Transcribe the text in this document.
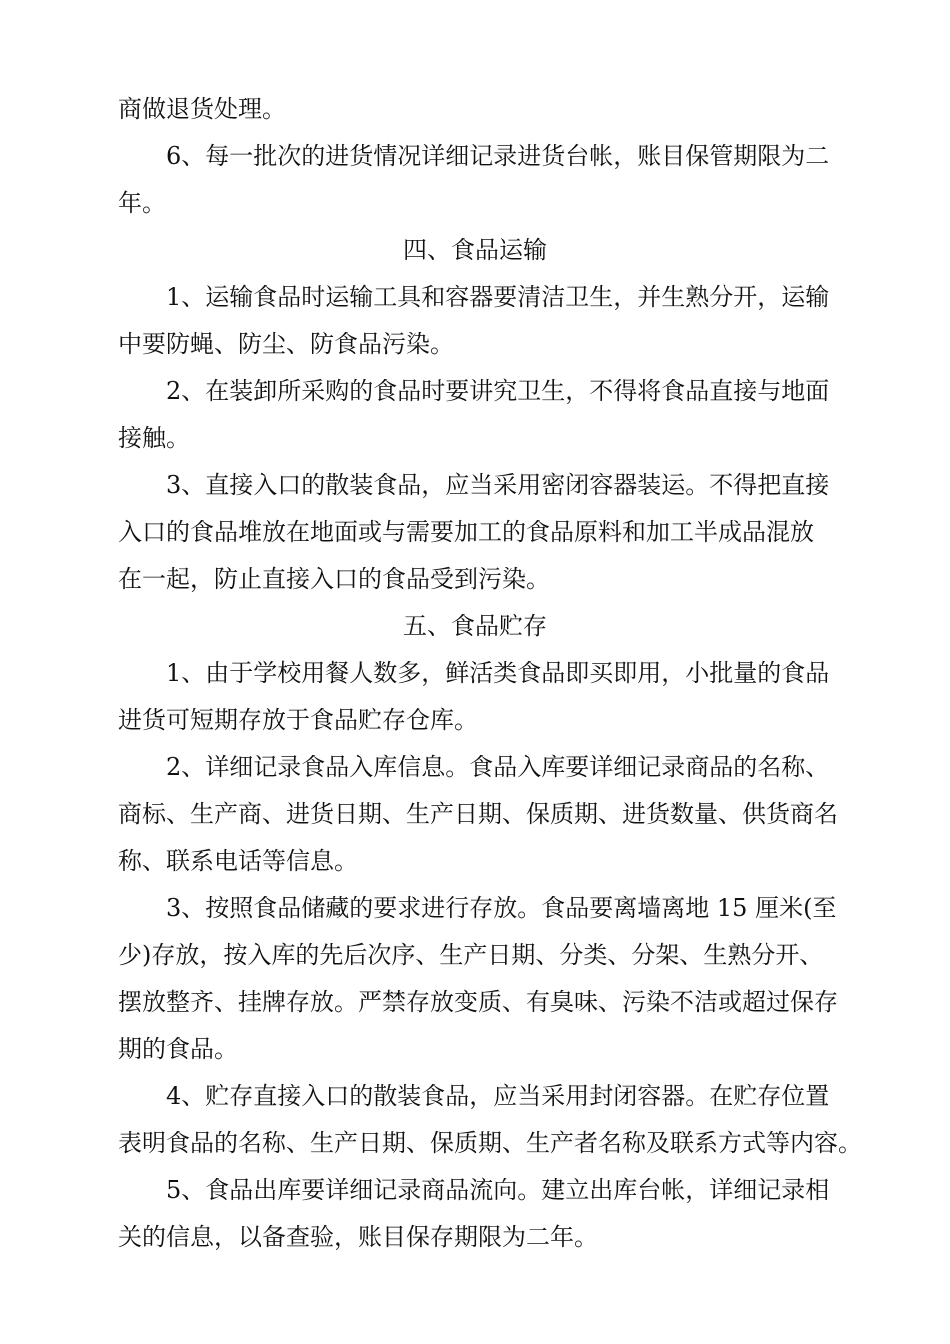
商做退货处理。
6、每一批次的进货情况详细记录进货台帐，账目保管期限为二
年。
四、食品运输
1、运输食品时运输工具和容器要清洁卫生，并生熟分开，运输
中要防蝇、防尘、防食品污染。
2、在装卸所采购的食品时要讲究卫生，不得将食品直接与地面
接触。
3、直接入口的散装食品，应当采用密闭容器装运。不得把直接
入口的食品堆放在地面或与需要加工的食品原料和加工半成品混放
在一起，防止直接入口的食品受到污染。
五、食品贮存
1、由于学校用餐人数多，鲜活类食品即买即用，小批量的食品
进货可短期存放于食品贮存仓库。
2、详细记录食品入库信息。食品入库要详细记录商品的名称、
商标、生产商、进货日期、生产日期、保质期、进货数量、供货商名
称、联系电话等信息。
3、按照食品储藏的要求进行存放。食品要离墙离地 15 厘米(至
少)存放，按入库的先后次序、生产日期、分类、分架、生熟分开、
摆放整齐、挂牌存放。严禁存放变质、有臭味、污染不洁或超过保存
期的食品。
4、贮存直接入口的散装食品，应当采用封闭容器。在贮存位置
表明食品的名称、生产日期、保质期、生产者名称及联系方式等内容。
5、食品出库要详细记录商品流向。建立出库台帐，详细记录相
关的信息，以备查验，账目保存期限为二年。
